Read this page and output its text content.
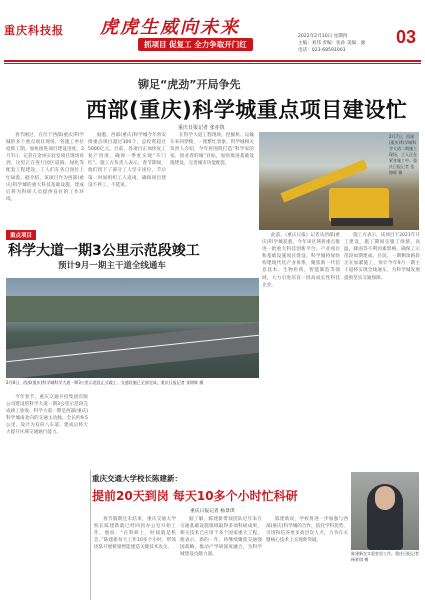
重庆科技报 虎虎生威向未来
抓项目 促复工 全力争取开门红
2022年2月10日 星期四
主编：刘伟 责编：张孙 美编：廖
电话：023-68591003
03
铆足“虎劲”开局争先
西部(重庆)科学城重点项目建设忙
重庆日报记者 张亦筑

春节刚过，在位于西部(重庆)科学城的多个重点项目现场，各施工单位抢抓工期，加快推进项目建设进度。2月7日，记者在金凤实验室项目现场看到，这里正在进行园区道路、绿化等配套工程建设，工人们在各自岗位上忙碌着。据介绍，该项目作为西部(重庆)科学城的重大科技基础设施，建成后将为科研人员提供良好的工作环境。

据悉，西部(重庆)科学城今年将安排重点项目超过300个，总投资超过5000亿元。目前，各项目正加快复工复产进度，确保一季度实现“开门红”。施工方负责人表示，春节期间，他们留下了部分工人坚守岗位，节后第一时间组织工人返岗，确保项目建设不停工、不延误。

在科学大道工程现场，挖掘机、运输车来回穿梭，一派繁忙景象。科学城相关负责人介绍，今年将围绕打造“科学家的家、创业者的城”目标，加快推进基础设施建设，完善城市功能配套。

2月7日，西部(重庆)科学城科学大道二期施工现场，工人正在紧张施工中。重庆日报记者 张锦辉 摄

此前，《重庆日报》记者从西部(重庆)科学城获悉，今年该区域将重点推进一批重大科技创新平台、产业项目和基础设施项目建设。科学城将加快构建现代化产业体系，聚焦新一代信息技术、生物医药、智能制造等领域，大力引进培育一批高成长性科技企业。

施工方表示，该项目于2021年开工建设，施工期间克服了疫情、高温、降雨等不利因素影响，确保了示范段如期建成。目前，一期剩余路段正在加紧施工，预计今年9月一期主干道将实现全线通车，为科学城发展提供坚实交通保障。

重点项目
科学大道一期3公里示范段竣工
预计9月一期主干道全线通车
2月8日，西部(重庆)科学城科学大道一期3公里示范段正式竣工，交通设施已全部完成。重庆日报记者 张锦辉 摄

今年春节，重庆交通开投集团有限公司建设的科学大道一期3公里示范段完成竣工验收。科学大道一期是西部(重庆)科学城南北向的交通主动脉，全长约9.5公里，设计为双向八车道，建成后将大大提升区域交通通行能力。

重庆交通大学校长陈建新：
提前20天到岗 每天10多个小时忙科研
重庆日报记者 杨景琪

春节假期还未结束，重庆交通大学校长陈建新就已经回到办公室开始工作，他说：“在科研上，时间就是机会。”陈建新每天工作10多个小时，带领团队开展桥梁智能建造关键技术攻关。

据了解，陈建新带领团队近年来在交通基础设施领域取得多项科研成果，相关技术已应用于多个国家重大工程。他表示，新的一年，将继续聚焦交通强国战略，推动产学研深度融合，为科学城建设贡献力量。

陈建新说，学校将进一步加强与西部(重庆)科学城的合作，依托学科优势，引进和培养更多高层次人才，力争在关键核心技术上实现新突破。

陈建新在实验室里工作。重庆日报记者 杨景琪 摄
